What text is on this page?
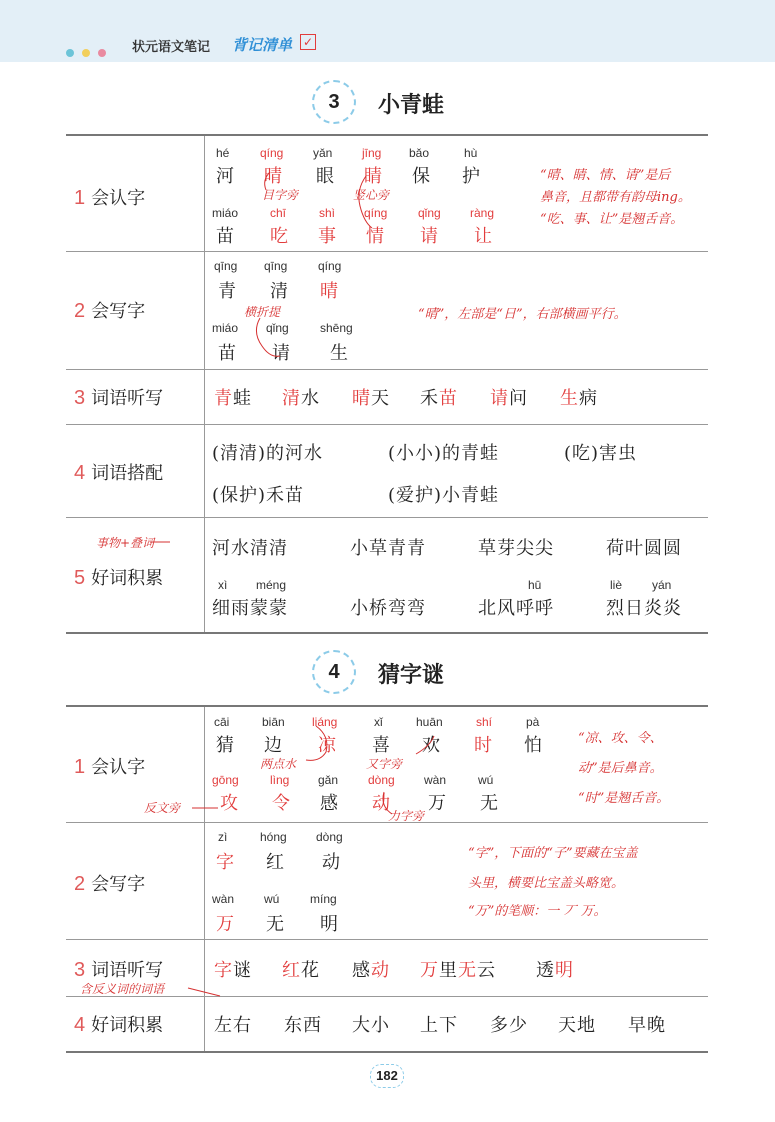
状元语文笔记 背记清单 ✓
3	小青蛙
1 会认字
hé	qíng yǎn jīng bǎo	hù
河 晴 眼 睛 保 护
目字旁	竖心旁
miáo	chī	shì qíng	qǐng ràng
苗 吃 事 情 请 让
“晴、睛、情、请”是后
鼻音，且都带有韵母ing。
“吃、事、让”是翘舌音。
2 会写字
qīng qīng	qíng
青 清 晴
横折提	“晴”，左部是“日”，右部横画平行。
miáo qǐng	shēng
苗 请 生
3 词语听写	青蛙 清水 晴天 禾苗 请问 生病
4 词语搭配
(清清)的河水	(小小)的青蛙	(吃)害虫
(保护)禾苗	(爱护)小青蛙
事物+叠词
5 好词积累
河水清清	小草青青	草芽尖尖	荷叶圆圆
xì méng	hū	liè yán
细雨蒙蒙	小桥弯弯	北风呼呼	烈日炎炎
4	猜字谜
1 会认字
反文旁
cāi	biān liáng	xǐ	huān	shí	pà
猜 边 凉 喜 欢 时 怕
两点水	又字旁
gōng	lìng gǎn dòng wàn	wú
攻 令 感 动 万 无
力字旁
“凉、攻、令、
动”是后鼻音。
“时”是翘舌音。
2 会写字
zì	hóng dòng
字 红 动
wàn wú	míng
万 无 明
“字”，下面的“子”要藏在宝盖
头里，横要比宝盖头略宽。
“万”的笔顺：一 丆 万。
3 词语听写
含反义词的词语
字谜 红花 感动 万里无云 透明
4 好词积累	左右 东西 大小 上下 多少 天地 早晚
182
